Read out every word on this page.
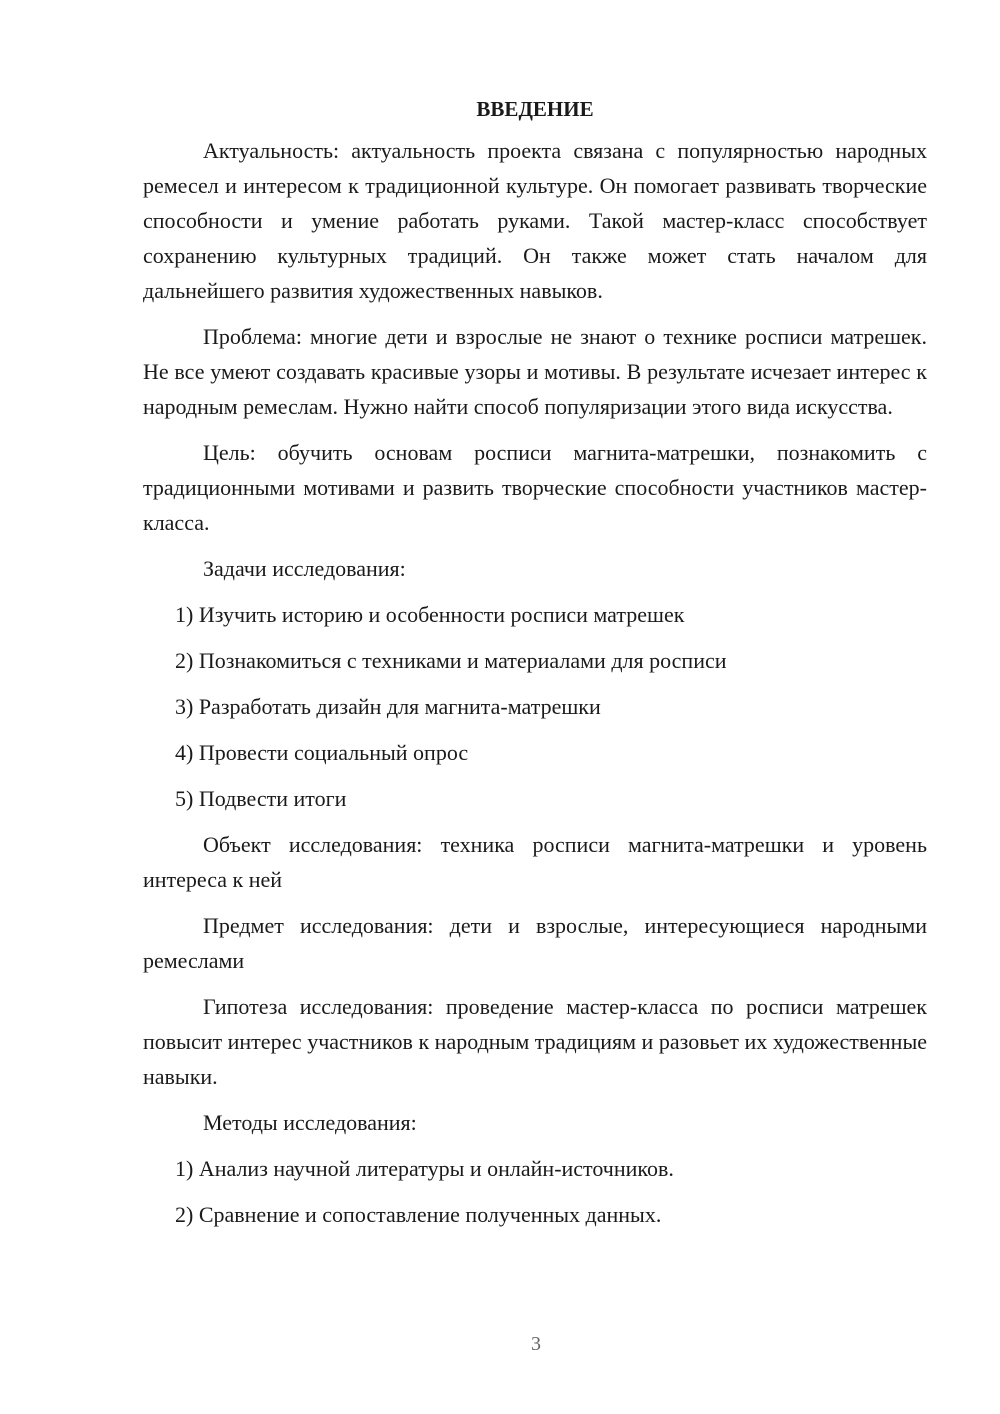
ВВЕДЕНИЕ

Актуальность: актуальность проекта связана с популярностью народных ремесел и интересом к традиционной культуре. Он помогает развивать творческие способности и умение работать руками. Такой мастер-класс способствует сохранению культурных традиций. Он также может стать началом для дальнейшего развития художественных навыков.

Проблема: многие дети и взрослые не знают о технике росписи матрешек. Не все умеют создавать красивые узоры и мотивы. В результате исчезает интерес к народным ремеслам. Нужно найти способ популяризации этого вида искусства.

Цель: обучить основам росписи магнита-матрешки, познакомить с традиционными мотивами и развить творческие способности участников мастер-класса.

Задачи исследования:

1) Изучить историю и особенности росписи матрешек
2) Познакомиться с техниками и материалами для росписи
3) Разработать дизайн для магнита-матрешки
4) Провести социальный опрос
5) Подвести итоги

Объект исследования: техника росписи магнита-матрешки и уровень интереса к ней

Предмет исследования: дети и взрослые, интересующиеся народными ремеслами

Гипотеза исследования: проведение мастер-класса по росписи матрешек повысит интерес участников к народным традициям и разовьет их художественные навыки.

Методы исследования:

1) Анализ научной литературы и онлайн-источников.
2) Сравнение и сопоставление полученных данных.
3
